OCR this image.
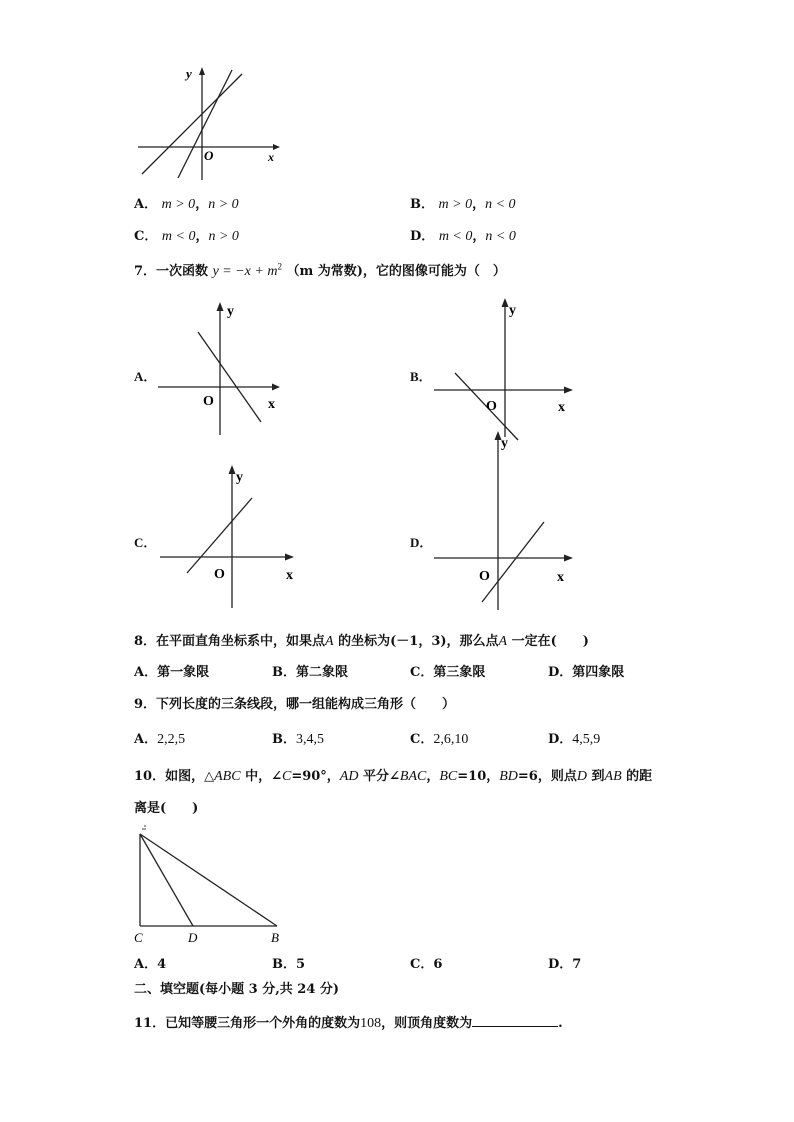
y
O	x
A． m > 0，n > 0	B． m > 0，n < 0
C． m < 0，n > 0	D． m < 0，n < 0
7．一次函数 $y = -x + m^2$ （m 为常数)，它的图像可能为（　）
A．
y
O	x
B．
y
O	x
C．
y
O	x
D．
y
O	x
8．在平面直角坐标系中，如果点A 的坐标为(－1，3)，那么点A 一定在(　　)
A．第一象限	B．第二象限	C．第三象限	D．第四象限
9．下列长度的三条线段，哪一组能构成三角形（　　）
A．2,2,5	B．3,4,5	C．2,6,10	D．4,5,9
10．如图，△ABC 中，∠C=90°，AD 平分∠BAC，BC=10，BD=6，则点D 到AB 的距
离是(　　)
C	D	B
A．4	B．5	C．6	D．7
二、填空题(每小题 3 分,共 24 分)
11．已知等腰三角形一个外角的度数为108，则顶角度数为	.
